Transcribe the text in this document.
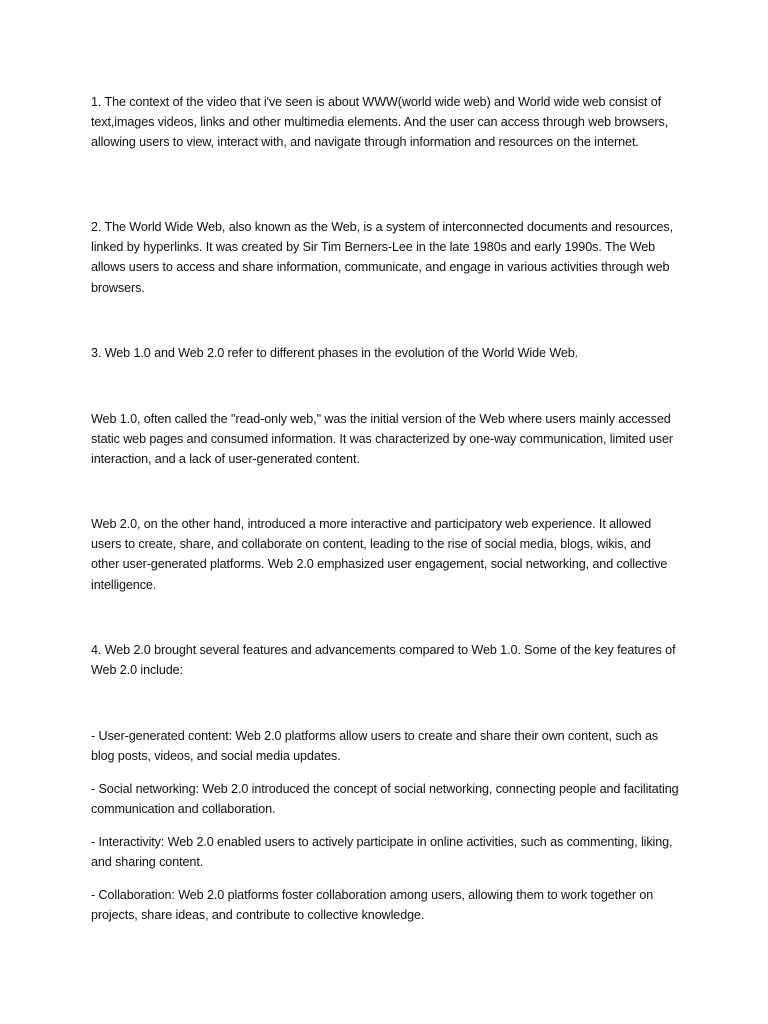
1. The context of the video that i've seen is about WWW(world wide web) and World wide web consist of text,images videos, links and other multimedia elements. And the user can access through web browsers, allowing users to view, interact with, and navigate through information and resources on the internet.

2. The World Wide Web, also known as the Web, is a system of interconnected documents and resources, linked by hyperlinks. It was created by Sir Tim Berners-Lee in the late 1980s and early 1990s. The Web allows users to access and share information, communicate, and engage in various activities through web browsers.

3. Web 1.0 and Web 2.0 refer to different phases in the evolution of the World Wide Web.

Web 1.0, often called the "read-only web," was the initial version of the Web where users mainly accessed static web pages and consumed information. It was characterized by one-way communication, limited user interaction, and a lack of user-generated content.

Web 2.0, on the other hand, introduced a more interactive and participatory web experience. It allowed users to create, share, and collaborate on content, leading to the rise of social media, blogs, wikis, and other user-generated platforms. Web 2.0 emphasized user engagement, social networking, and collective intelligence.

4. Web 2.0 brought several features and advancements compared to Web 1.0. Some of the key features of Web 2.0 include:

- User-generated content: Web 2.0 platforms allow users to create and share their own content, such as blog posts, videos, and social media updates.

- Social networking: Web 2.0 introduced the concept of social networking, connecting people and facilitating communication and collaboration.

- Interactivity: Web 2.0 enabled users to actively participate in online activities, such as commenting, liking, and sharing content.

- Collaboration: Web 2.0 platforms foster collaboration among users, allowing them to work together on projects, share ideas, and contribute to collective knowledge.
